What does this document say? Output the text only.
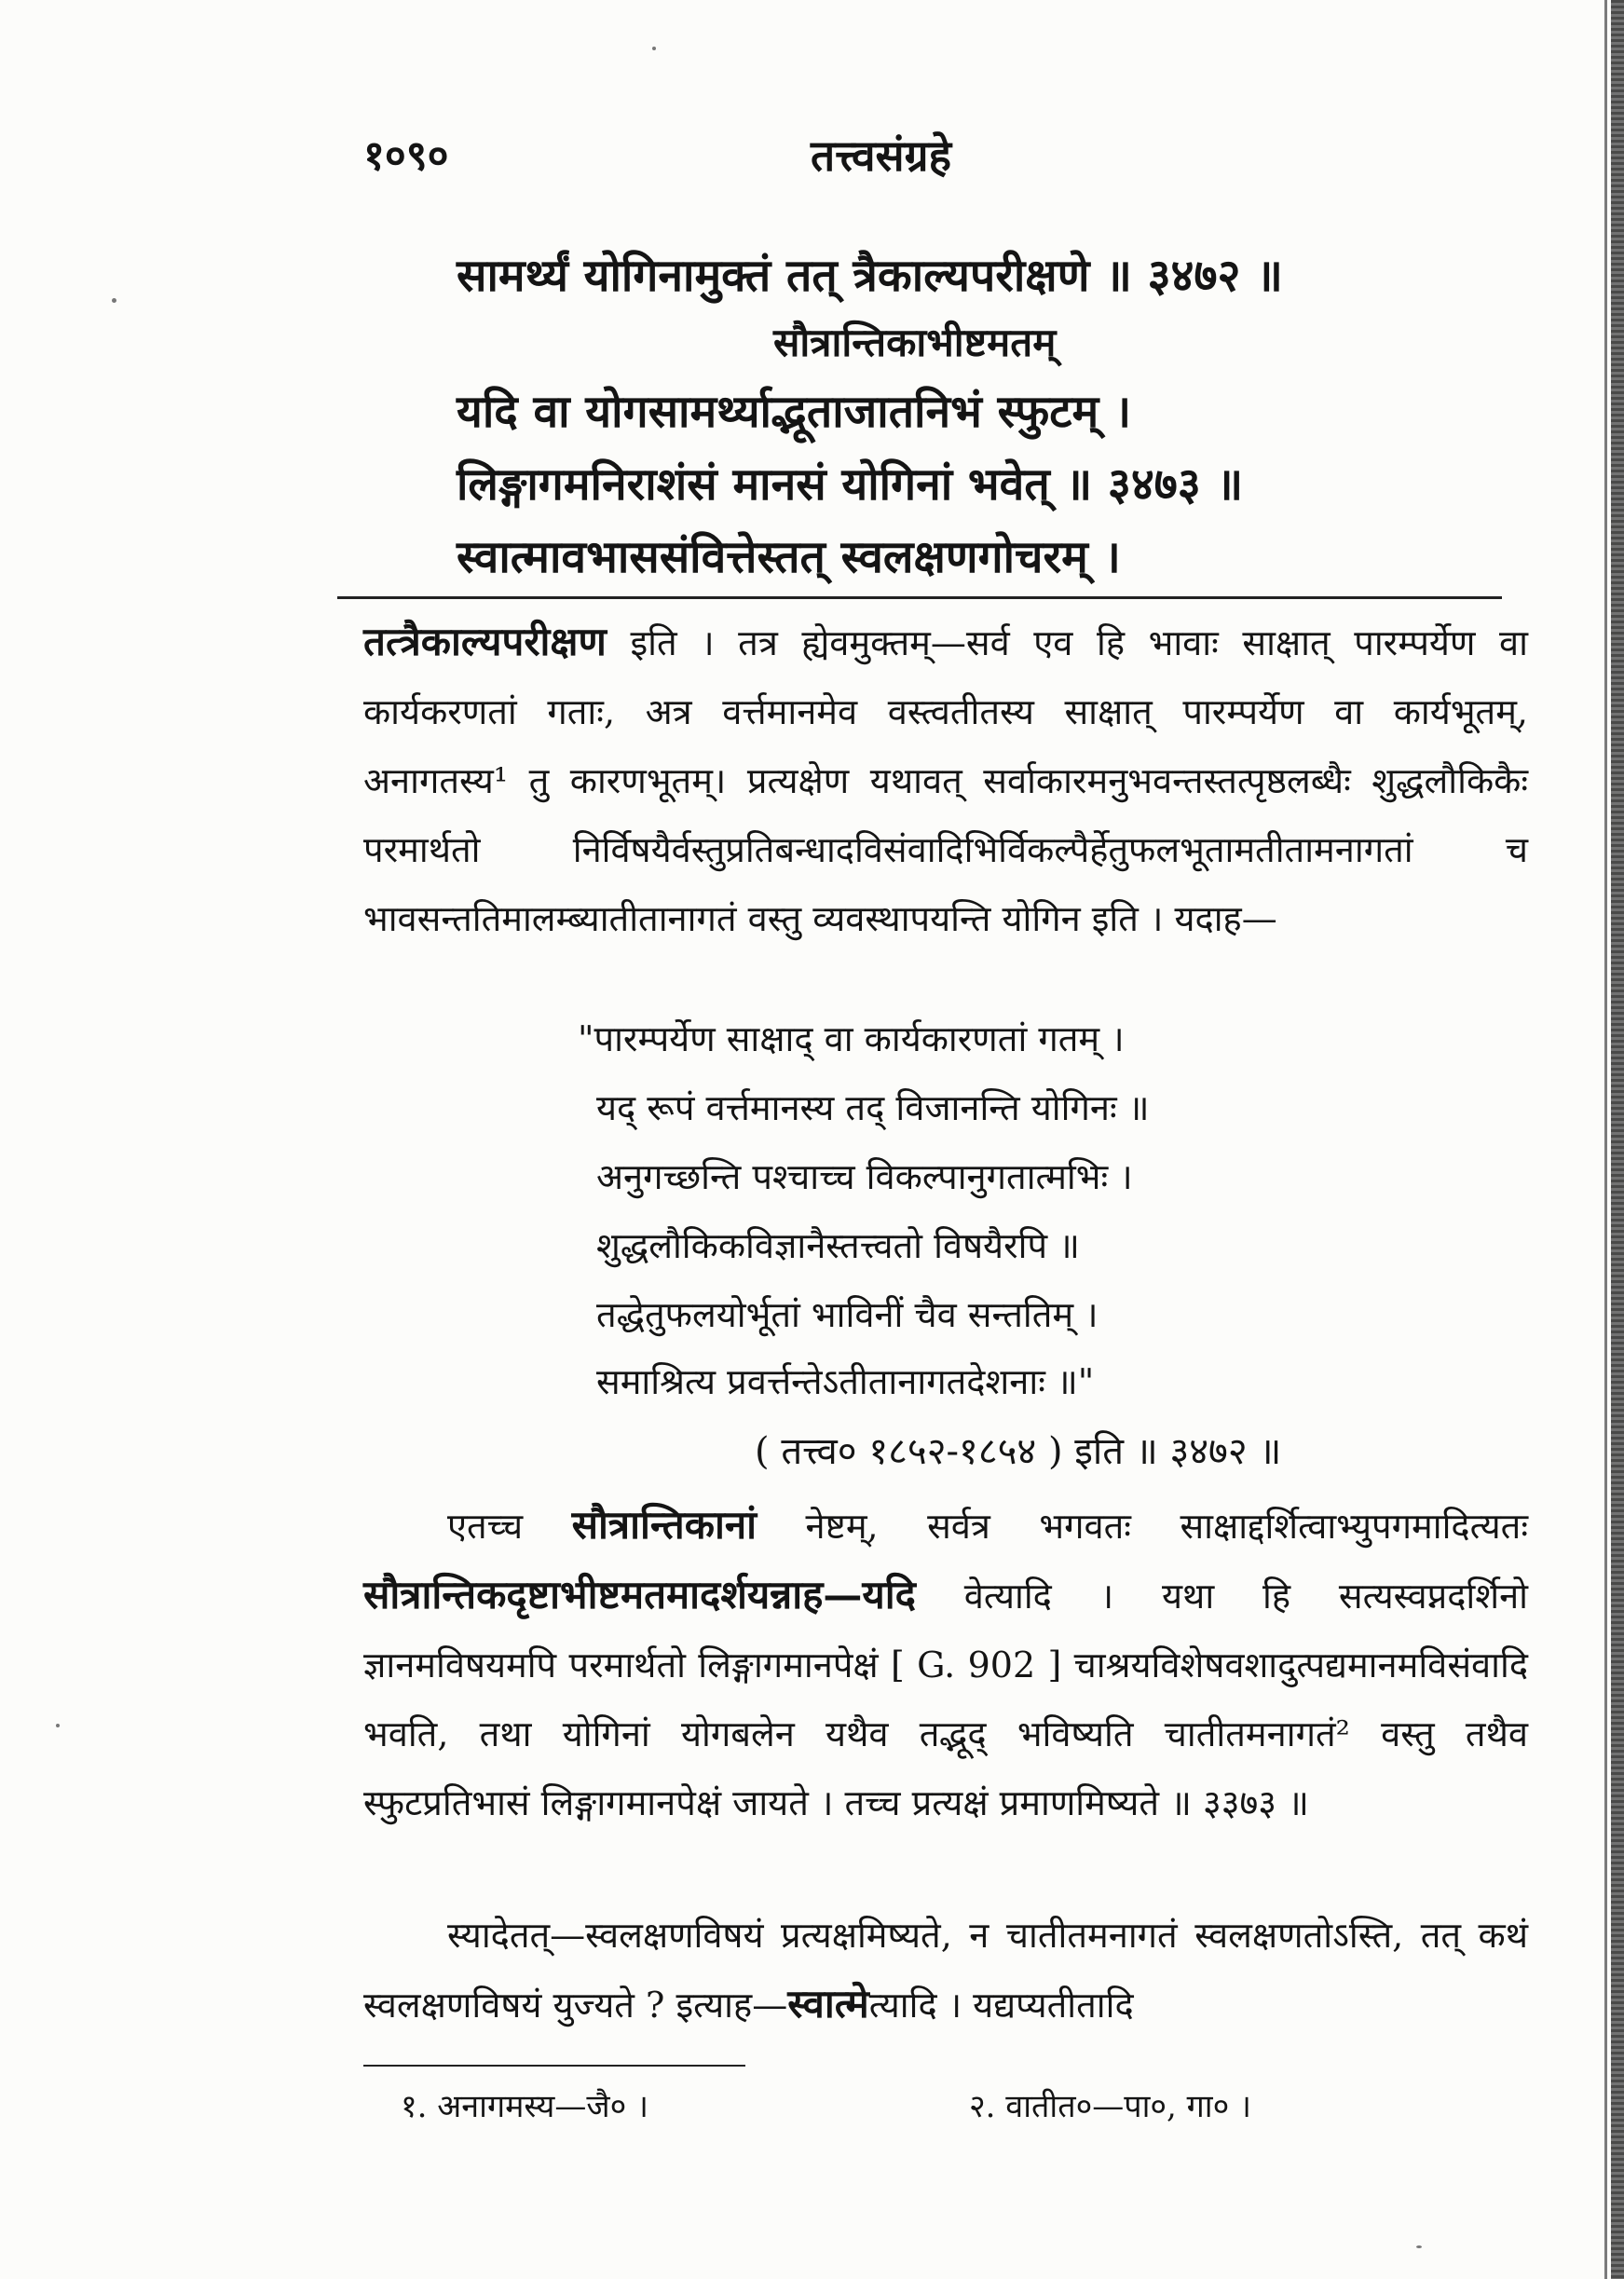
१०९०	तत्त्वसंग्रहे
सामर्थ्यं योगिनामुक्तं तत् त्रैकाल्यपरीक्षणे ॥ ३४७२ ॥
सौत्रान्तिकाभीष्टमतम्
यदि वा योगसामर्थ्याद्भूताजातनिभं स्फुटम् ।
लिङ्गागमनिराशंसं मानसं योगिनां भवेत् ॥ ३४७३ ॥
स्वात्मावभाससंवित्तेस्तत् स्वलक्षणगोचरम् ।
तत्त्रैकाल्यपरीक्षण इति । तत्र ह्येवमुक्तम्—सर्व एव हि भावाः साक्षात् पारम्पर्येण वा कार्यकरणतां गताः, अत्र वर्त्तमानमेव वस्त्वतीतस्य साक्षात् पारम्पर्येण वा कार्यभूतम्, अनागतस्य¹ तु कारणभूतम्। प्रत्यक्षेण यथावत् सर्वाकारमनुभवन्तस्तत्पृष्ठलब्धैः शुद्धलौकिकैः परमार्थतो निर्विषयैर्वस्तुप्रतिबन्धादविसंवादिभिर्विकल्पैर्हेतुफलभूतामतीतामनागतां च भावसन्ततिमालम्ब्यातीतानागतं वस्तु व्यवस्थापयन्ति योगिन इति । यदाह—
"पारम्पर्येण साक्षाद् वा कार्यकारणतां गतम् ।
यद् रूपं वर्त्तमानस्य तद् विजानन्ति योगिनः ॥
अनुगच्छन्ति पश्चाच्च विकल्पानुगतात्मभिः ।
शुद्धलौकिकविज्ञानैस्तत्त्वतो विषयैरपि ॥
तद्धेतुफलयोर्भूतां भाविनीं चैव सन्ततिम् ।
समाश्रित्य प्रवर्त्तन्तेऽतीतानागतदेशनाः ॥"
( तत्त्व० १८५२-१८५४ ) इति ॥ ३४७२ ॥
एतच्च सौत्रान्तिकानां नेष्टम्, सर्वत्र भगवतः साक्षाद्दर्शित्वाभ्युपगमादित्यतः सौत्रान्तिकदृष्टाभीष्टमतमादर्शयन्नाह—यदि वेत्यादि । यथा हि सत्यस्वप्नदर्शिनो ज्ञानमविषयमपि परमार्थतो लिङ्गागमानपेक्षं [ G. 902 ] चाश्रयविशेषवशादुत्पद्यमानमविसंवादि भवति, तथा योगिनां योगबलेन यथैव तद्भूद् भविष्यति चातीतमनागतं² वस्तु तथैव स्फुटप्रतिभासं लिङ्गागमानपेक्षं जायते । तच्च प्रत्यक्षं प्रमाणमिष्यते ॥ ३३७३ ॥
स्यादेतत्—स्वलक्षणविषयं प्रत्यक्षमिष्यते, न चातीतमनागतं स्वलक्षणतोऽस्ति, तत् कथं स्वलक्षणविषयं युज्यते ? इत्याह—स्वात्मेत्यादि । यद्यप्यतीतादि
१. अनागमस्य—जै० ।	२. वातीत०—पा०, गा० ।
